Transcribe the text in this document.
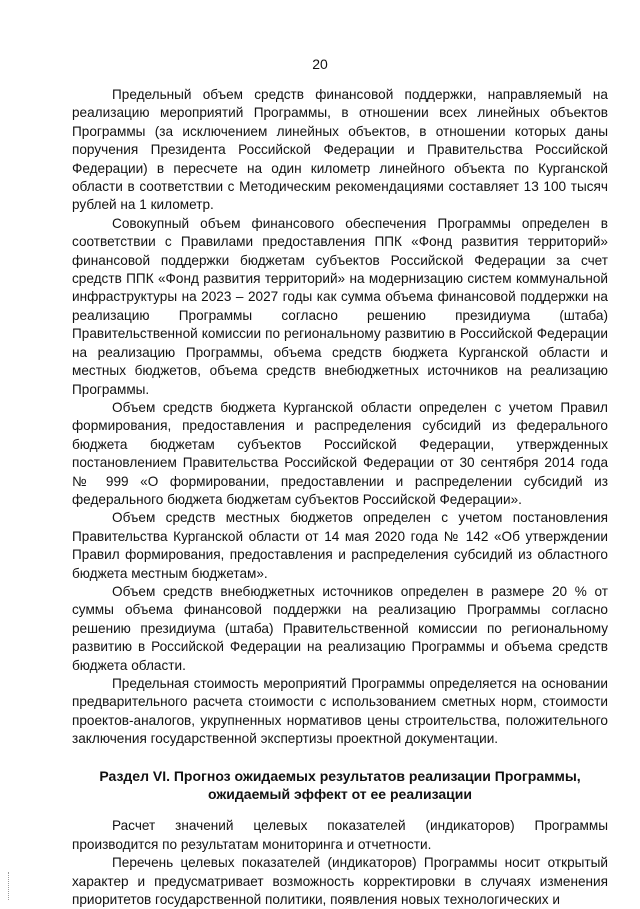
20

Предельный объем средств финансовой поддержки, направляемый на реализацию мероприятий Программы, в отношении всех линейных объектов Программы (за исключением линейных объектов, в отношении которых даны поручения Президента Российской Федерации и Правительства Российской Федерации) в пересчете на один километр линейного объекта по Курганской области в соответствии с Методическим рекомендациями составляет 13 100 тысяч рублей на 1 километр.

Совокупный объем финансового обеспечения Программы определен в соответствии с Правилами предоставления ППК «Фонд развития территорий» финансовой поддержки бюджетам субъектов Российской Федерации за счет средств ППК «Фонд развития территорий» на модернизацию систем коммунальной инфраструктуры на 2023 – 2027 годы как сумма объема финансовой поддержки на реализацию Программы согласно решению президиума (штаба) Правительственной комиссии по региональному развитию в Российской Федерации на реализацию Программы, объема средств бюджета Курганской области и местных бюджетов, объема средств внебюджетных источников на реализацию Программы.

Объем средств бюджета Курганской области определен с учетом Правил формирования, предоставления и распределения субсидий из федерального бюджета бюджетам субъектов Российской Федерации, утвержденных постановлением Правительства Российской Федерации от 30 сентября 2014 года № 999 «О формировании, предоставлении и распределении субсидий из федерального бюджета бюджетам субъектов Российской Федерации».

Объем средств местных бюджетов определен с учетом постановления Правительства Курганской области от 14 мая 2020 года № 142 «Об утверждении Правил формирования, предоставления и распределения субсидий из областного бюджета местным бюджетам».

Объем средств внебюджетных источников определен в размере 20 % от суммы объема финансовой поддержки на реализацию Программы согласно решению президиума (штаба) Правительственной комиссии по региональному развитию в Российской Федерации на реализацию Программы и объема средств бюджета области.

Предельная стоимость мероприятий Программы определяется на основании предварительного расчета стоимости с использованием сметных норм, стоимости проектов-аналогов, укрупненных нормативов цены строительства, положительного заключения государственной экспертизы проектной документации.

Раздел VI. Прогноз ожидаемых результатов реализации Программы, ожидаемый эффект от ее реализации

Расчет значений целевых показателей (индикаторов) Программы производится по результатам мониторинга и отчетности.

Перечень целевых показателей (индикаторов) Программы носит открытый характер и предусматривает возможность корректировки в случаях изменения приоритетов государственной политики, появления новых технологических и
